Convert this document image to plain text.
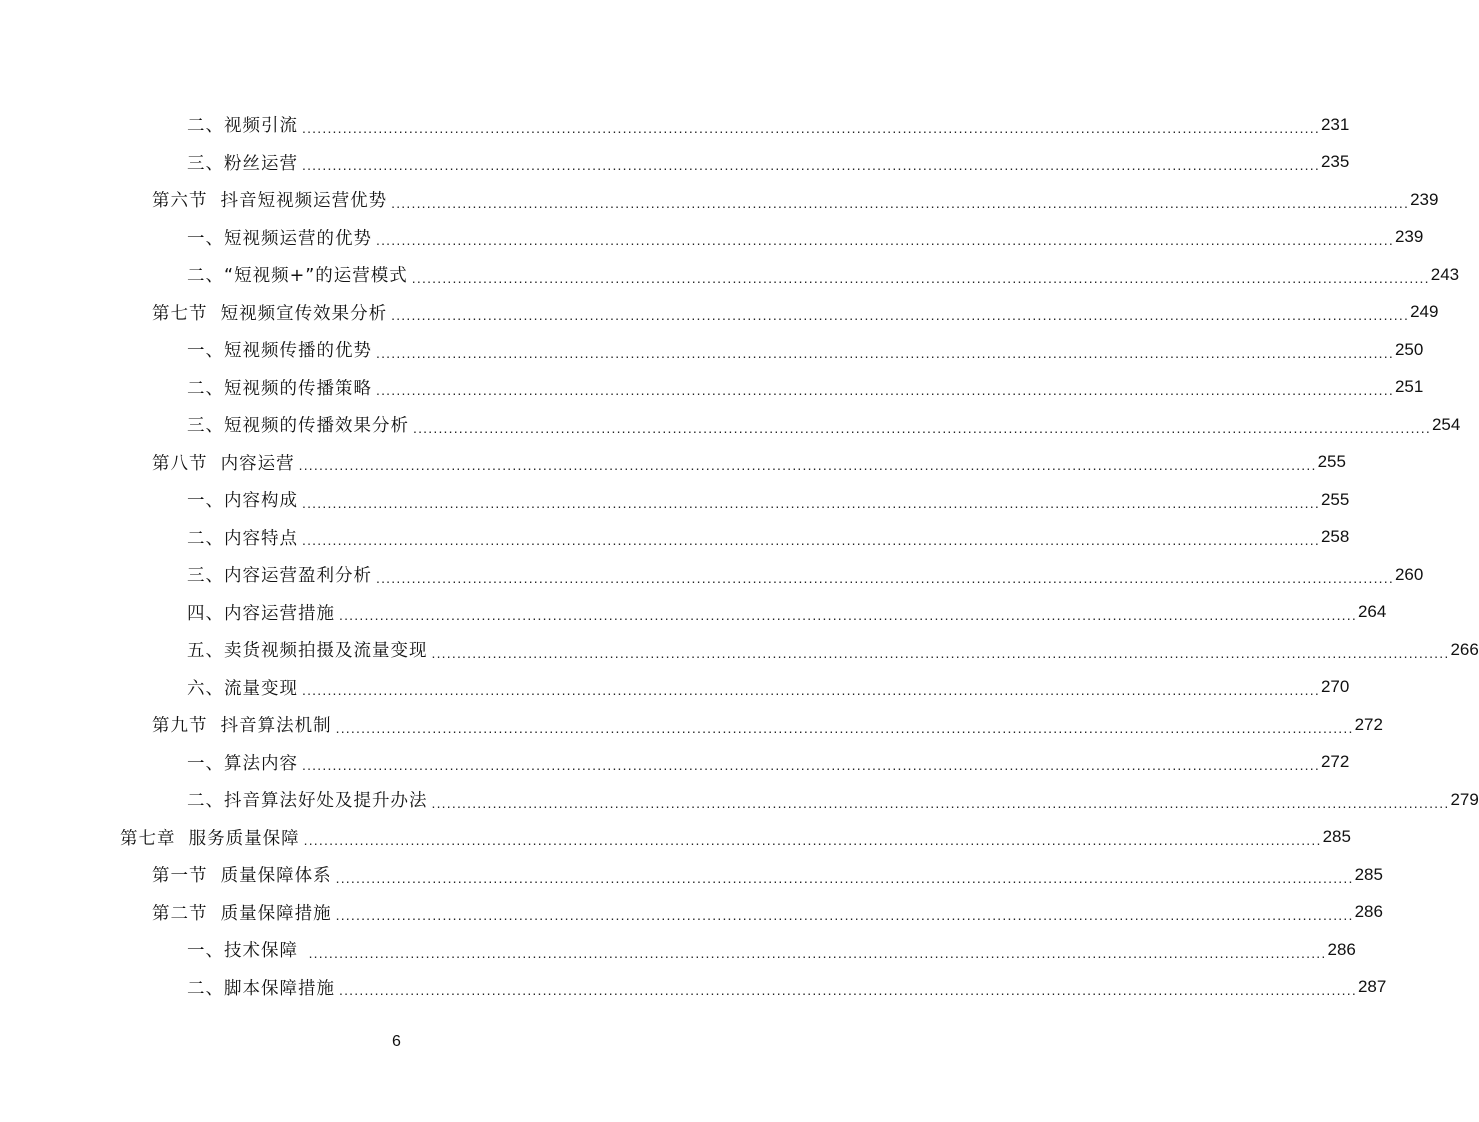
二、视频引流 ........................................................................................................................................................................................................ 231
三、粉丝运营 ........................................................................................................................................................................................................ 235
第六节  抖音短视频运营优势 ........................................................................................................................................................................................................ 239
一、短视频运营的优势 ........................................................................................................................................................................................................ 239
二、“短视频+”的运营模式 ........................................................................................................................................................................................................ 243
第七节  短视频宣传效果分析 ........................................................................................................................................................................................................ 249
一、短视频传播的优势 ........................................................................................................................................................................................................ 250
二、短视频的传播策略 ........................................................................................................................................................................................................ 251
三、短视频的传播效果分析 ........................................................................................................................................................................................................ 254
第八节  内容运营 ........................................................................................................................................................................................................ 255
一、内容构成 ........................................................................................................................................................................................................ 255
二、内容特点 ........................................................................................................................................................................................................ 258
三、内容运营盈利分析 ........................................................................................................................................................................................................ 260
四、内容运营措施 ........................................................................................................................................................................................................ 264
五、卖货视频拍摄及流量变现 ........................................................................................................................................................................................................ 266
六、流量变现 ........................................................................................................................................................................................................ 270
第九节  抖音算法机制 ........................................................................................................................................................................................................ 272
一、算法内容 ........................................................................................................................................................................................................ 272
二、抖音算法好处及提升办法 ........................................................................................................................................................................................................ 279
第七章  服务质量保障 ........................................................................................................................................................................................................ 285
第一节  质量保障体系 ........................................................................................................................................................................................................ 285
第二节  质量保障措施 ........................................................................................................................................................................................................ 286
一、技术保障 ........................................................................................................................................................................................................ 286
二、脚本保障措施 ........................................................................................................................................................................................................ 287
6
